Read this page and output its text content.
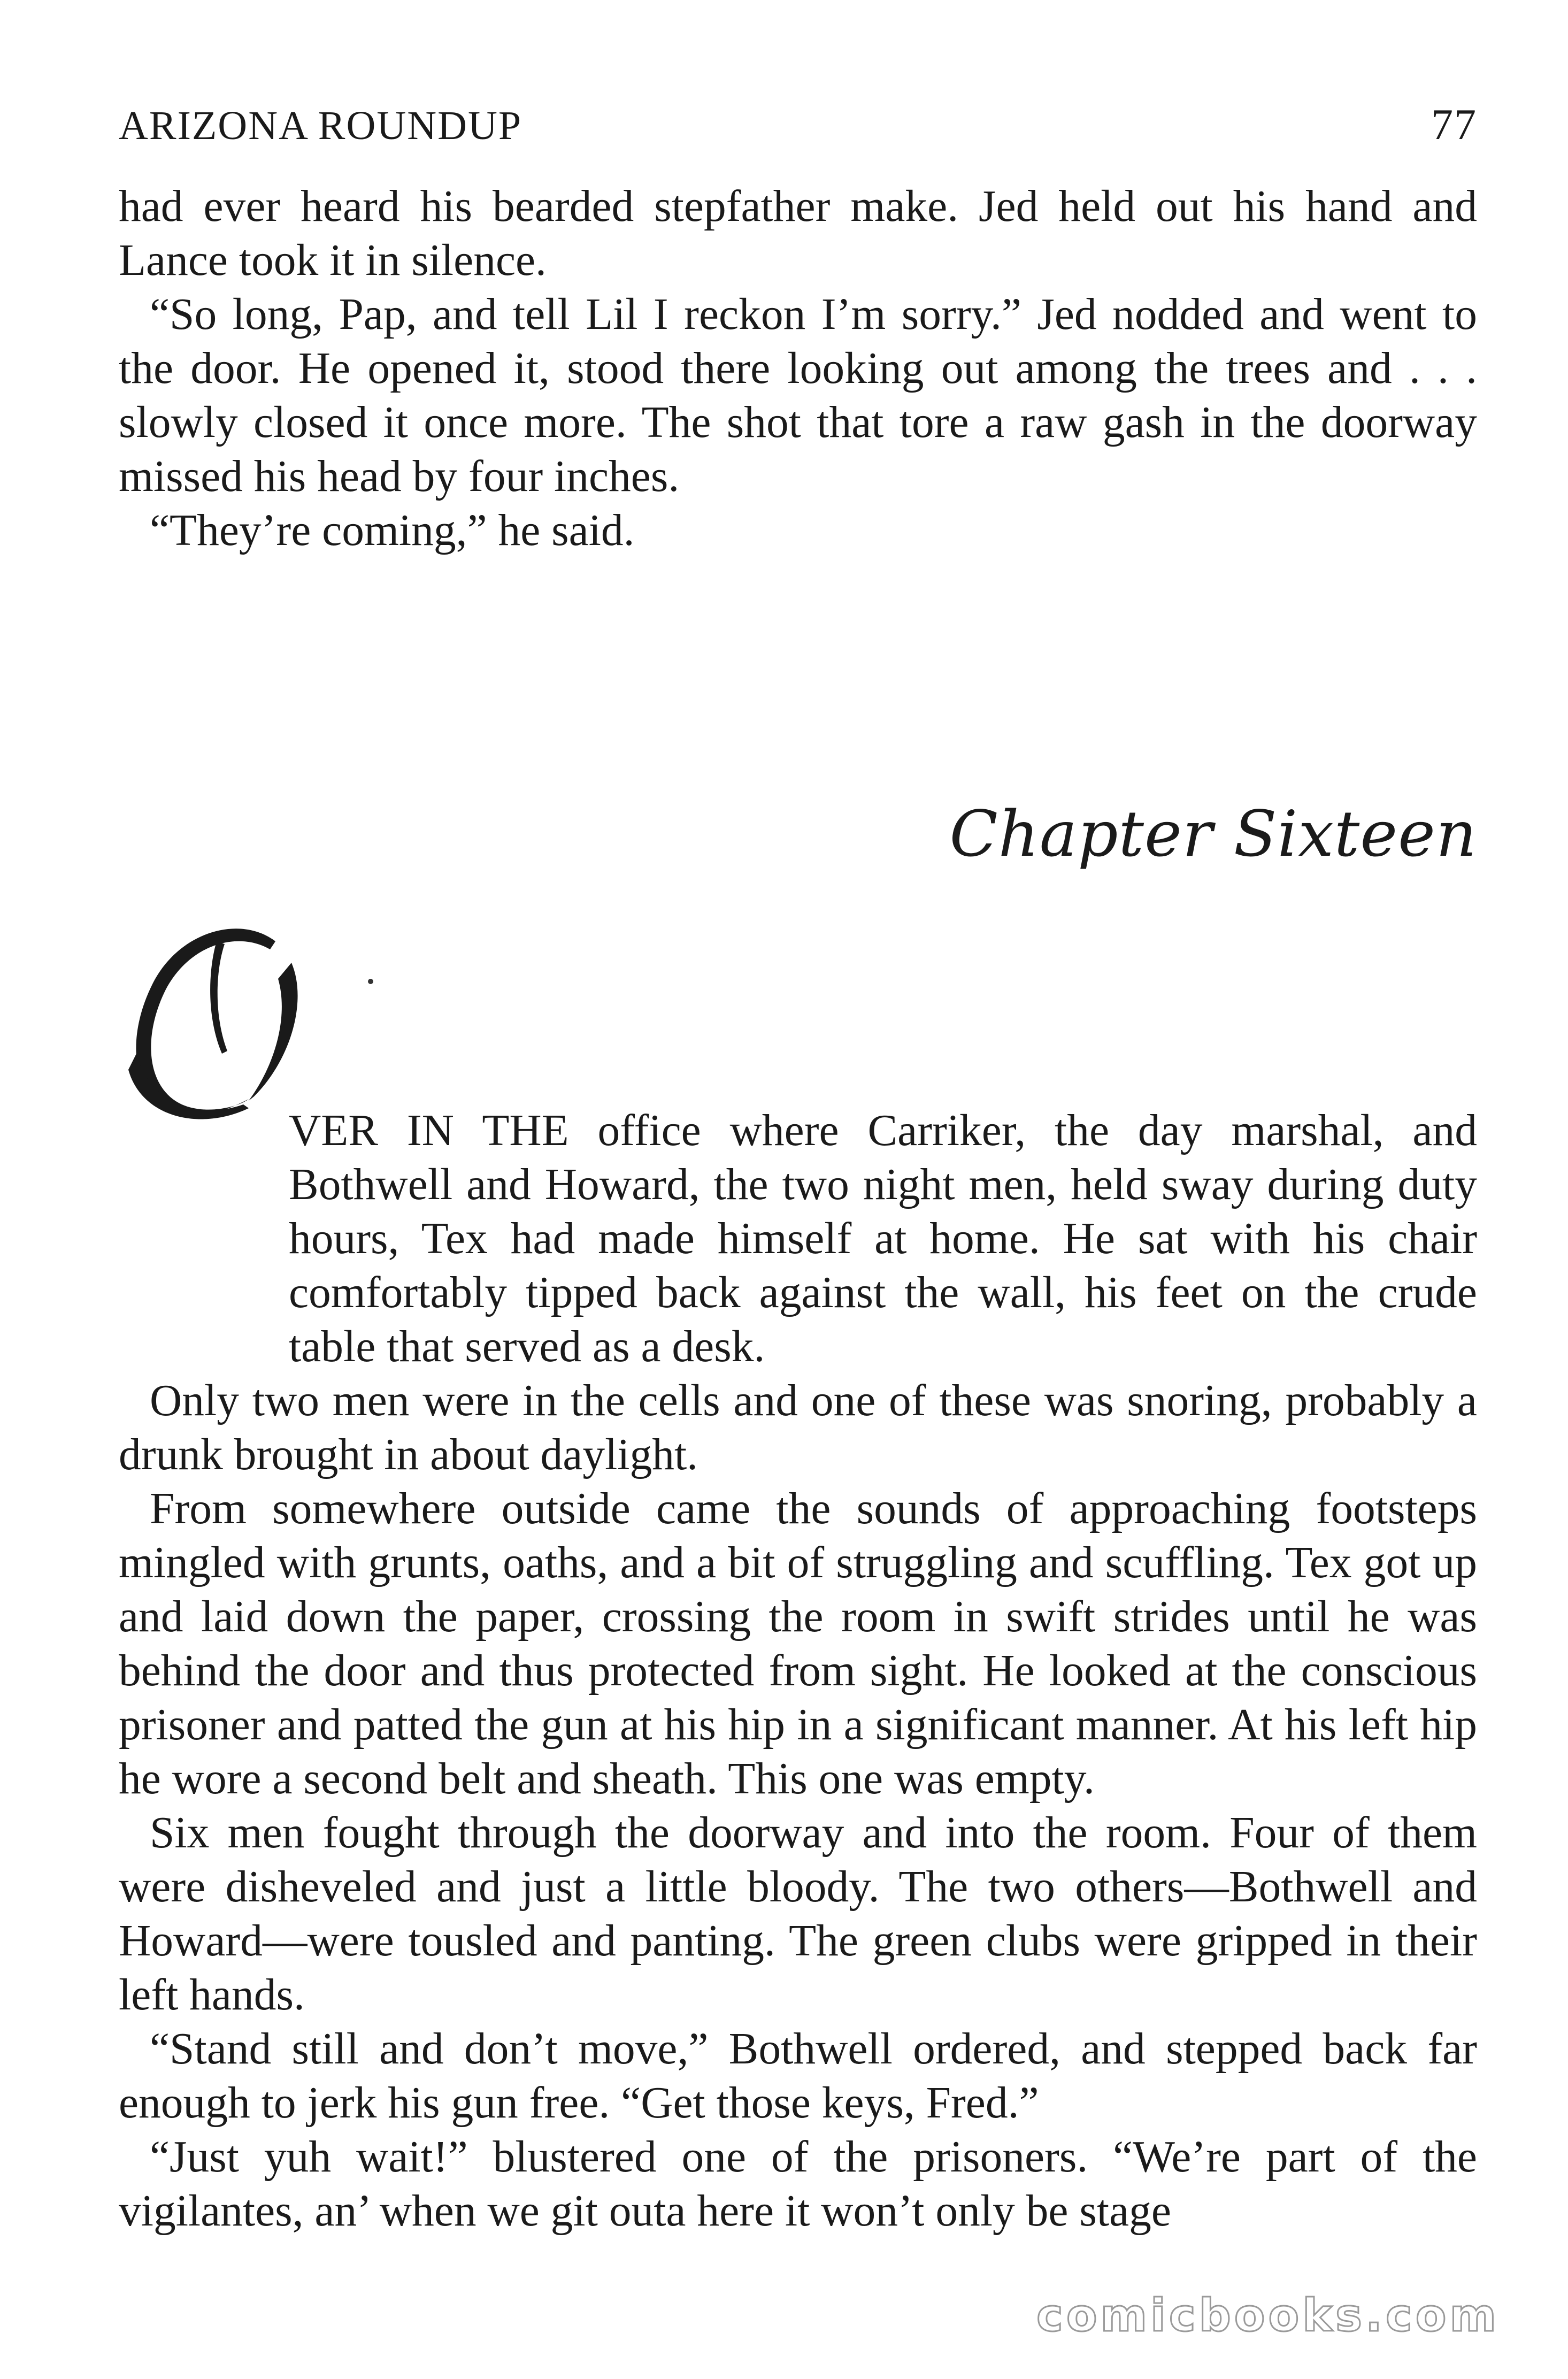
ARIZONA ROUNDUP	77

had ever heard his bearded stepfather make. Jed held out his hand and Lance took it in silence.

“So long, Pap, and tell Lil I reckon I’m sorry.” Jed nodded and went to the door. He opened it, stood there looking out among the trees and . . . slowly closed it once more. The shot that tore a raw gash in the doorway missed his head by four inches.

“They’re coming,” he said.

Chapter Sixteen
O
VER IN THE office where Carriker, the day marshal, and Bothwell and Howard, the two night men, held sway during duty hours, Tex had made himself at home. He sat with his chair comfortably tipped back against the wall, his feet on the crude table that served as a desk.

Only two men were in the cells and one of these was snoring, probably a drunk brought in about daylight.

From somewhere outside came the sounds of approaching footsteps mingled with grunts, oaths, and a bit of struggling and scuffling. Tex got up and laid down the paper, crossing the room in swift strides until he was behind the door and thus protected from sight. He looked at the conscious prisoner and patted the gun at his hip in a significant manner. At his left hip he wore a second belt and sheath. This one was empty.

Six men fought through the doorway and into the room. Four of them were disheveled and just a little bloody. The two others—Bothwell and Howard—were tousled and panting. The green clubs were gripped in their left hands.

“Stand still and don’t move,” Bothwell ordered, and stepped back far enough to jerk his gun free. “Get those keys, Fred.”

“Just yuh wait!” blustered one of the prisoners. “We’re part of the vigilantes, an’ when we git outa here it won’t only be stage

comicbooks.com
